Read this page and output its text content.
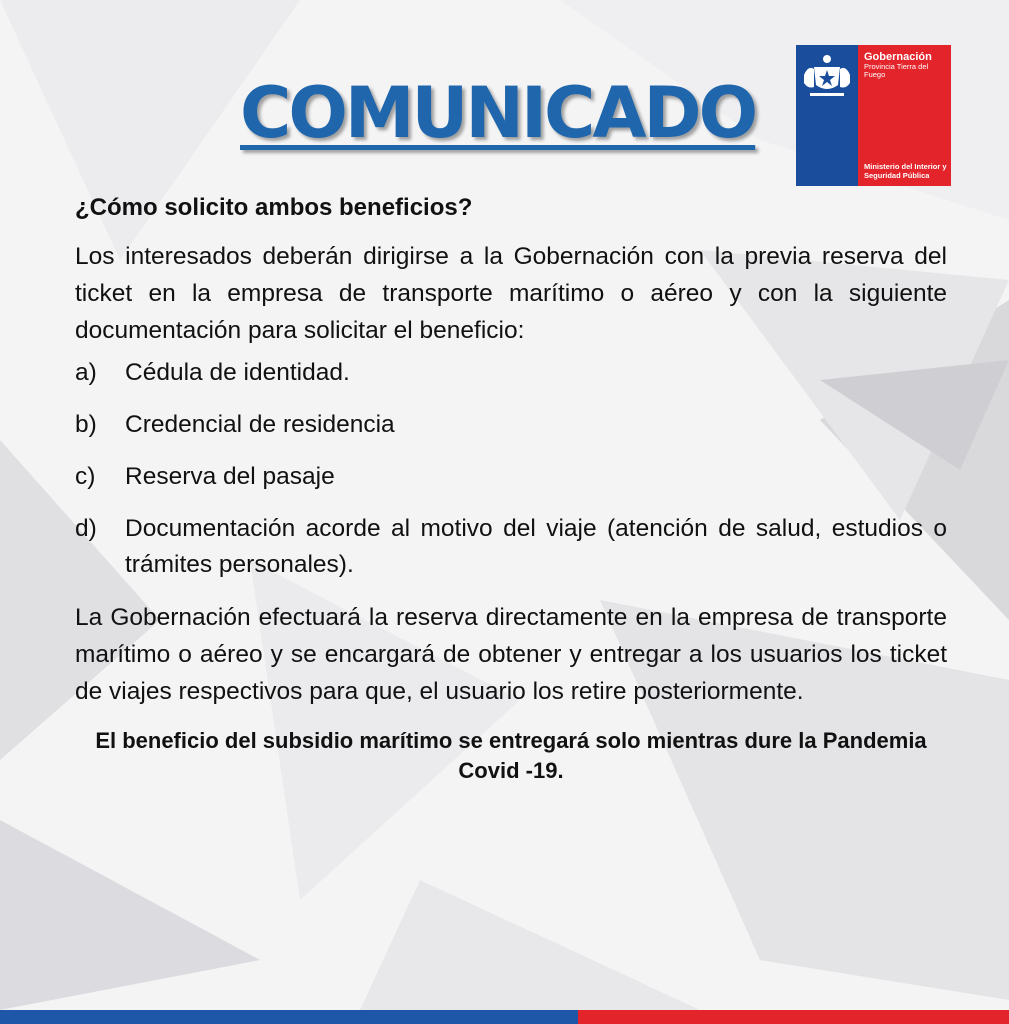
COMUNICADO
Gobernación
Provincia Tierra del Fuego
Ministerio del Interior y Seguridad Pública

¿Cómo solicito ambos beneficios?

Los interesados deberán dirigirse a la Gobernación con la previa reserva del ticket en la empresa de transporte marítimo o aéreo y con la siguiente documentación para solicitar el beneficio:

a)	Cédula de identidad.
b)	Credencial de residencia
c)	Reserva del pasaje
d)	Documentación acorde al motivo del viaje (atención de salud, estudios o trámites personales).

La Gobernación efectuará la reserva directamente en la empresa de transporte marítimo o aéreo y se encargará de obtener y entregar a los usuarios los ticket de viajes respectivos para que, el usuario los retire posteriormente.

El beneficio del subsidio marítimo se entregará solo mientras dure la Pandemia Covid -19.
